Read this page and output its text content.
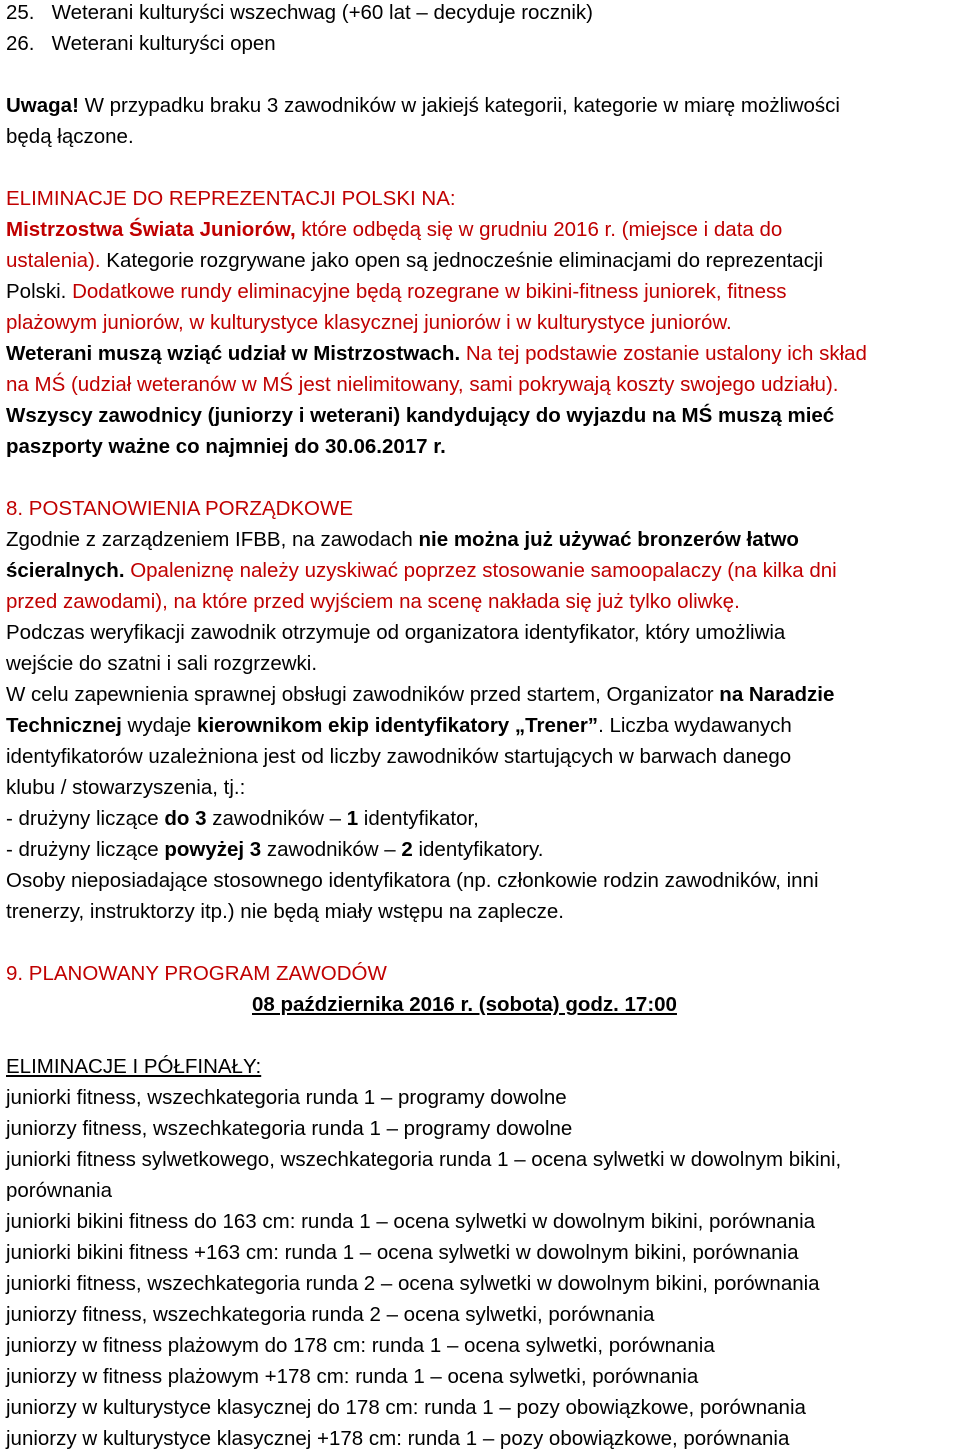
25. Weterani kulturyści wszechwag (+60 lat – decyduje rocznik)
26. Weterani kulturyści open
Uwaga! W przypadku braku 3 zawodników w jakiejś kategorii, kategorie w miarę możliwości
będą łączone.
ELIMINACJE DO REPREZENTACJI POLSKI NA:
Mistrzostwa Świata Juniorów, które odbędą się w grudniu 2016 r. (miejsce i data do
ustalenia). Kategorie rozgrywane jako open są jednocześnie eliminacjami do reprezentacji
Polski. Dodatkowe rundy eliminacyjne będą rozegrane w bikini-fitness juniorek, fitness
plażowym juniorów, w kulturystyce klasycznej juniorów i w kulturystyce juniorów.
Weterani muszą wziąć udział w Mistrzostwach. Na tej podstawie zostanie ustalony ich skład
na MŚ (udział weteranów w MŚ jest nielimitowany, sami pokrywają koszty swojego udziału).
Wszyscy zawodnicy (juniorzy i weterani) kandydujący do wyjazdu na MŚ muszą mieć
paszporty ważne co najmniej do 30.06.2017 r.
8. POSTANOWIENIA PORZĄDKOWE
Zgodnie z zarządzeniem IFBB, na zawodach nie można już używać bronzerów łatwo
ścieralnych. Opaleniznę należy uzyskiwać poprzez stosowanie samoopalaczy (na kilka dni
przed zawodami), na które przed wyjściem na scenę nakłada się już tylko oliwkę.
Podczas weryfikacji zawodnik otrzymuje od organizatora identyfikator, który umożliwia
wejście do szatni i sali rozgrzewki.
W celu zapewnienia sprawnej obsługi zawodników przed startem, Organizator na Naradzie
Technicznej wydaje kierownikom ekip identyfikatory „Trener”. Liczba wydawanych
identyfikatorów uzależniona jest od liczby zawodników startujących w barwach danego
klubu / stowarzyszenia, tj.:
- drużyny liczące do 3 zawodników – 1 identyfikator,
- drużyny liczące powyżej 3 zawodników – 2 identyfikatory.
Osoby nieposiadające stosownego identyfikatora (np. członkowie rodzin zawodników, inni
trenerzy, instruktorzy itp.) nie będą miały wstępu na zaplecze.
9. PLANOWANY PROGRAM ZAWODÓW
08 października 2016 r. (sobota) godz. 17:00
ELIMINACJE I PÓŁFINAŁY:
juniorki fitness, wszechkategoria runda 1 – programy dowolne
juniorzy fitness, wszechkategoria runda 1 – programy dowolne
juniorki fitness sylwetkowego, wszechkategoria runda 1 – ocena sylwetki w dowolnym bikini,
porównania
juniorki bikini fitness do 163 cm: runda 1 – ocena sylwetki w dowolnym bikini, porównania
juniorki bikini fitness +163 cm: runda 1 – ocena sylwetki w dowolnym bikini, porównania
juniorki fitness, wszechkategoria runda 2 – ocena sylwetki w dowolnym bikini, porównania
juniorzy fitness, wszechkategoria runda 2 – ocena sylwetki, porównania
juniorzy w fitness plażowym do 178 cm: runda 1 – ocena sylwetki, porównania
juniorzy w fitness plażowym +178 cm: runda 1 – ocena sylwetki, porównania
juniorzy w kulturystyce klasycznej do 178 cm: runda 1 – pozy obowiązkowe, porównania
juniorzy w kulturystyce klasycznej +178 cm: runda 1 – pozy obowiązkowe, porównania
